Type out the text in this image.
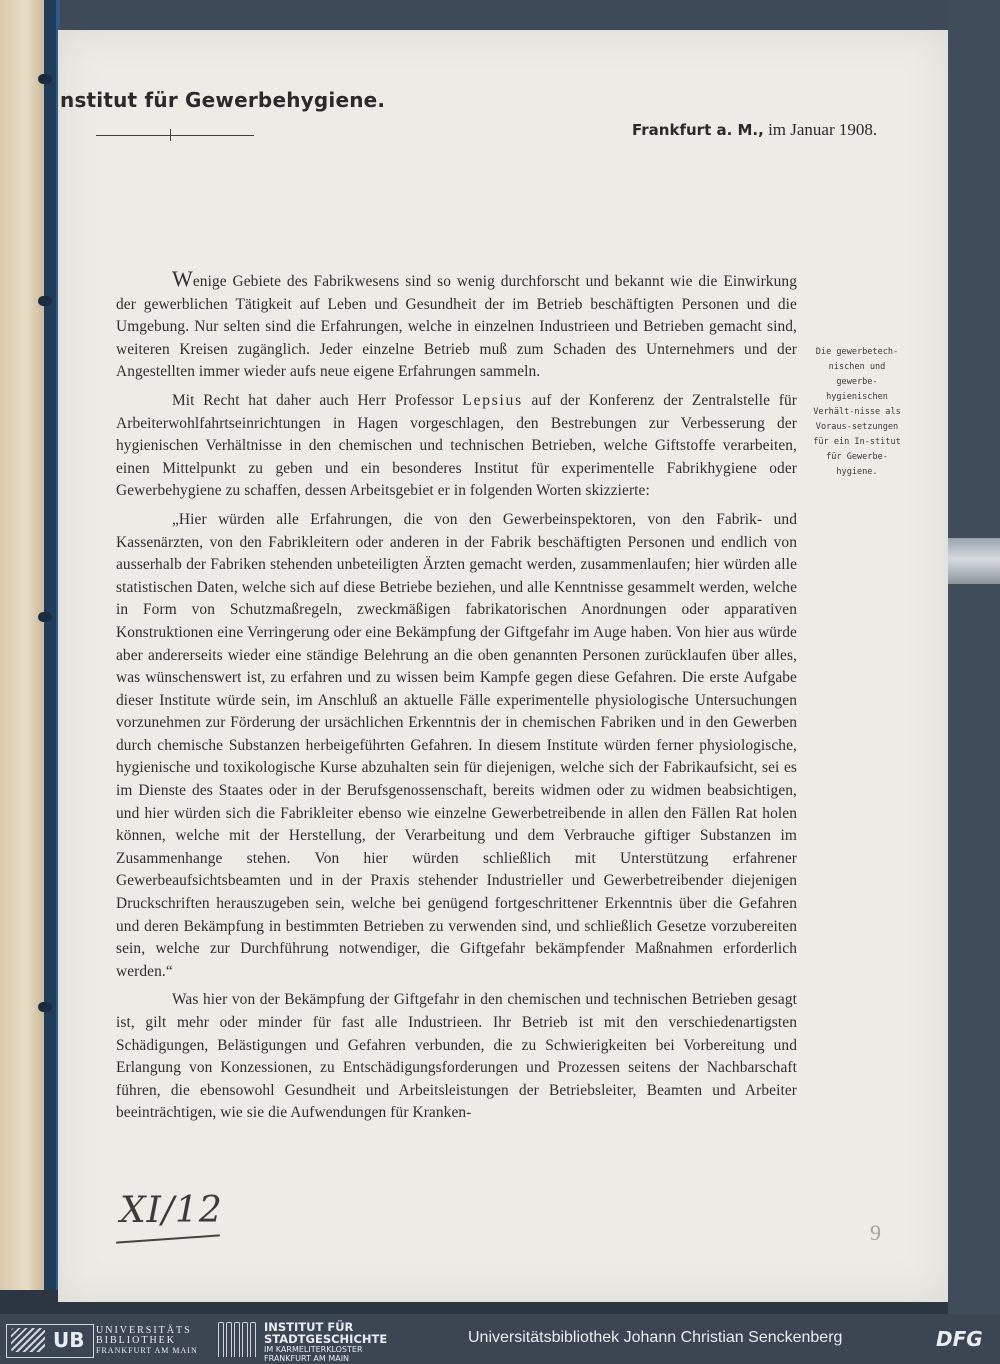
nstitut für Gewerbehygiene.
Frankfurt a. M., im Januar 1908.

Wenige Gebiete des Fabrikwesens sind so wenig durchforscht und bekannt wie die Einwirkung der gewerblichen Tätigkeit auf Leben und Gesundheit der im Betrieb beschäftigten Personen und die Umgebung. Nur selten sind die Erfahrungen, welche in einzelnen Industrieen und Betrieben gemacht sind, weiteren Kreisen zugänglich. Jeder einzelne Betrieb muß zum Schaden des Unternehmers und der Angestellten immer wieder aufs neue eigene Erfahrungen sammeln.

Mit Recht hat daher auch Herr Professor Lepsius auf der Konferenz der Zentralstelle für Arbeiterwohlfahrtseinrichtungen in Hagen vorgeschlagen, den Bestrebungen zur Verbesserung der hygienischen Verhältnisse in den chemischen und technischen Betrieben, welche Giftstoffe verarbeiten, einen Mittelpunkt zu geben und ein besonderes Institut für experimentelle Fabrikhygiene oder Gewerbehygiene zu schaffen, dessen Arbeitsgebiet er in folgenden Worten skizzierte:

„Hier würden alle Erfahrungen, die von den Gewerbeinspektoren, von den Fabrik- und Kassenärzten, von den Fabrikleitern oder anderen in der Fabrik beschäftigten Personen und endlich von ausserhalb der Fabriken stehenden unbeteiligten Ärzten gemacht werden, zusammenlaufen; hier würden alle statistischen Daten, welche sich auf diese Betriebe beziehen, und alle Kenntnisse gesammelt werden, welche in Form von Schutzmaßregeln, zweckmäßigen fabrikatorischen Anordnungen oder apparativen Konstruktionen eine Verringerung oder eine Bekämpfung der Giftgefahr im Auge haben. Von hier aus würde aber andererseits wieder eine ständige Belehrung an die oben genannten Personen zurücklaufen über alles, was wünschenswert ist, zu erfahren und zu wissen beim Kampfe gegen diese Gefahren. Die erste Aufgabe dieser Institute würde sein, im Anschluß an aktuelle Fälle experimentelle physiologische Untersuchungen vorzunehmen zur Förderung der ursächlichen Erkenntnis der in chemischen Fabriken und in den Gewerben durch chemische Substanzen herbeigeführten Gefahren. In diesem Institute würden ferner physiologische, hygienische und toxikologische Kurse abzuhalten sein für diejenigen, welche sich der Fabrikaufsicht, sei es im Dienste des Staates oder in der Berufsgenossenschaft, bereits widmen oder zu widmen beabsichtigen, und hier würden sich die Fabrikleiter ebenso wie einzelne Gewerbetreibende in allen den Fällen Rat holen können, welche mit der Herstellung, der Verarbeitung und dem Verbrauche giftiger Substanzen im Zusammenhange stehen. Von hier würden schließlich mit Unterstützung erfahrener Gewerbeaufsichtsbeamten und in der Praxis stehender Industrieller und Gewerbetreibender diejenigen Druckschriften herauszugeben sein, welche bei genügend fortgeschrittener Erkenntnis über die Gefahren und deren Bekämpfung in bestimmten Betrieben zu verwenden sind, und schließlich Gesetze vorzubereiten sein, welche zur Durchführung notwendiger, die Giftgefahr bekämpfender Maßnahmen erforderlich werden.“

Was hier von der Bekämpfung der Giftgefahr in den chemischen und technischen Betrieben gesagt ist, gilt mehr oder minder für fast alle Industrieen. Ihr Betrieb ist mit den verschiedenartigsten Schädigungen, Belästigungen und Gefahren verbunden, die zu Schwierigkeiten bei Vorbereitung und Erlangung von Konzessionen, zu Entschädigungsforderungen und Prozessen seitens der Nachbarschaft führen, die ebensowohl Gesundheit und Arbeitsleistungen der Betriebsleiter, Beamten und Arbeiter beeinträchtigen, wie sie die Aufwendungen für Kranken-

Die gewerbetech-nischen und gewerbe-hygienischen Verhält-nisse als Voraus-setzungen für ein In-stitut für Gewerbe-hygiene.
XI/12
9
UB UNIVERSITÄTS
BIBLIOTHEK
FRANKFURT AM MAIN
INSTITUT FÜR
STADTGESCHICHTE
IM KARMELITERKLOSTER
FRANKFURT AM MAIN
Universitätsbibliothek Johann Christian Senckenberg	DFG
